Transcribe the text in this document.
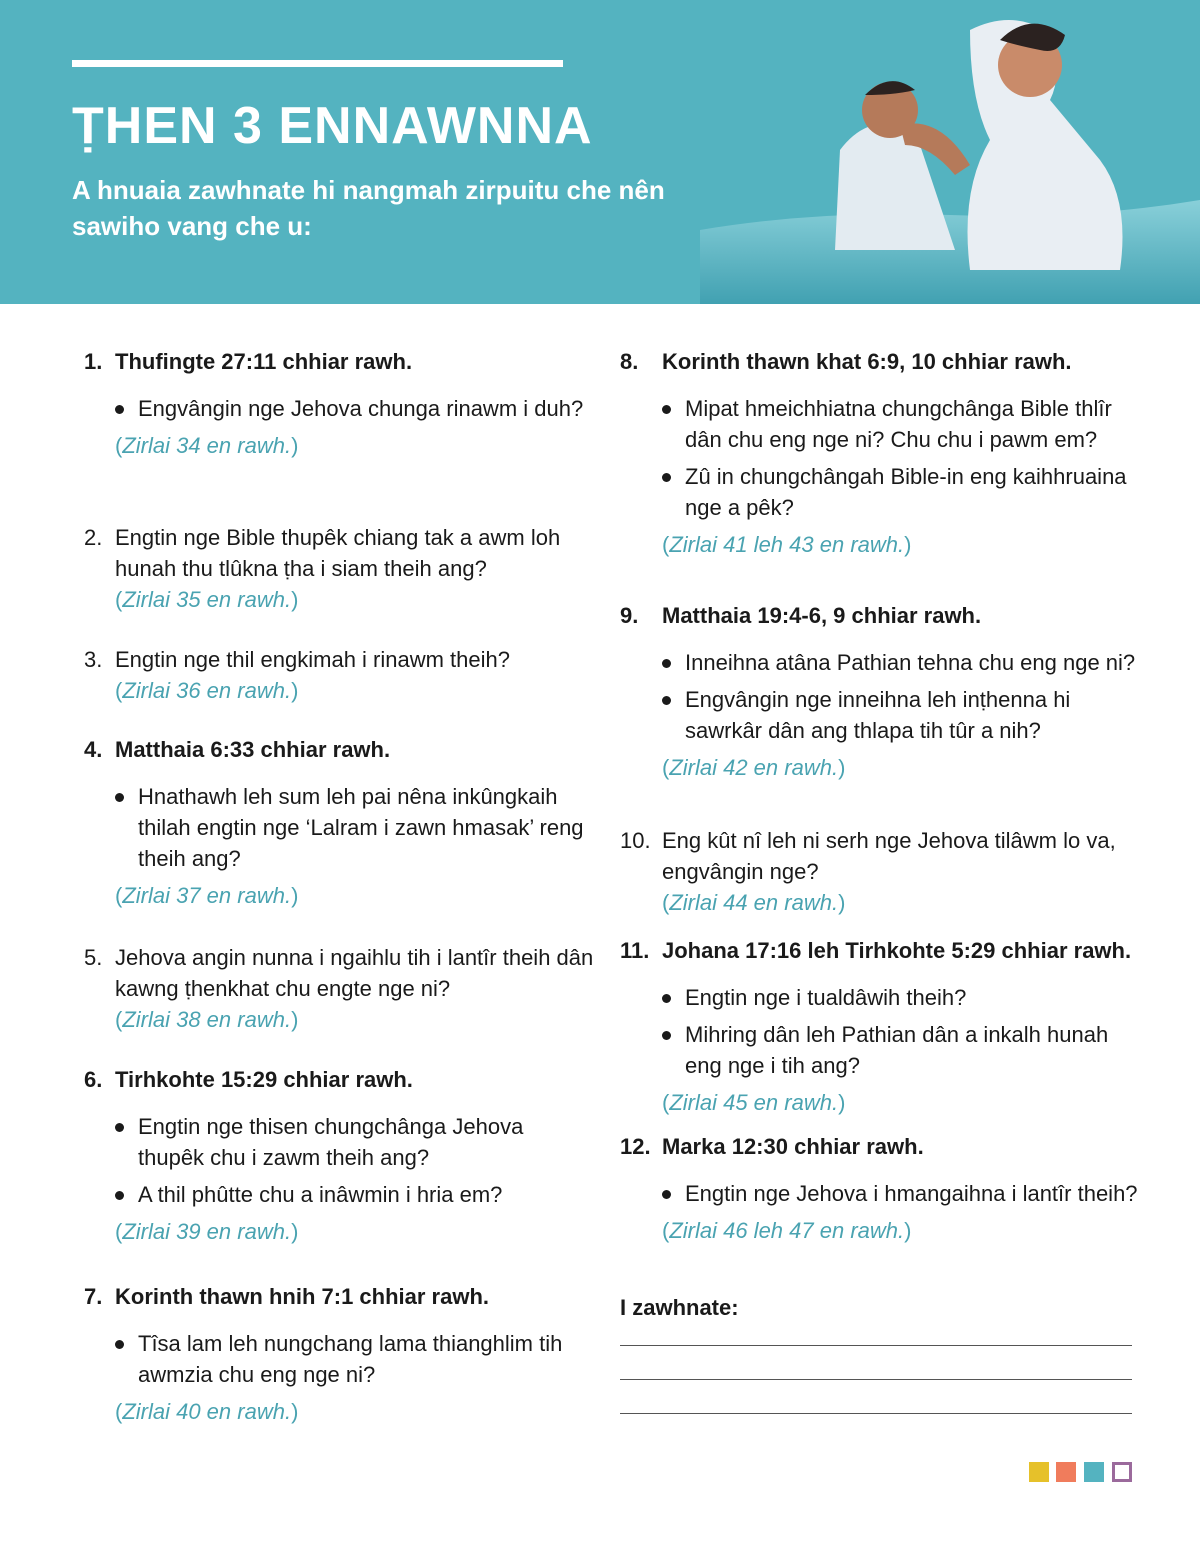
ṬHEN 3 ENNAWNNA
A hnuaia zawhnate hi nangmah zirpuitu che nên sawiho vang che u:
1. Thufingte 27:11 chhiar rawh.
Engvângin nge Jehova chunga rinawm i duh?
(Zirlai 34 en rawh.)
2. Engtin nge Bible thupêk chiang tak a awm loh hunah thu tlûkna ṭha i siam theih ang?
(Zirlai 35 en rawh.)
3. Engtin nge thil engkimah i rinawm theih?
(Zirlai 36 en rawh.)
4. Matthaia 6:33 chhiar rawh.
Hnathawh leh sum leh pai nêna inkûngkaih thilah engtin nge ‘Lalram i zawn hmasak’ reng theih ang?
(Zirlai 37 en rawh.)
5. Jehova angin nunna i ngaihlu tih i lantîr theih dân kawng ṭhenkhat chu engte nge ni?
(Zirlai 38 en rawh.)
6. Tirhkohte 15:29 chhiar rawh.
Engtin nge thisen chungchânga Jehova thupêk chu i zawm theih ang?
A thil phûtte chu a inâwmin i hria em?
(Zirlai 39 en rawh.)
7. Korinth thawn hnih 7:1 chhiar rawh.
Tîsa lam leh nungchang lama thianghlim tih awmzia chu eng nge ni?
(Zirlai 40 en rawh.)
8. Korinth thawn khat 6:9, 10 chhiar rawh.
Mipat hmeichhiatna chungchânga Bible thlîr dân chu eng nge ni? Chu chu i pawm em?
Zû in chungchângah Bible-in eng kaihhruaina nge a pêk?
(Zirlai 41 leh 43 en rawh.)
9. Matthaia 19:4-6, 9 chhiar rawh.
Inneihna atâna Pathian tehna chu eng nge ni?
Engvângin nge inneihna leh inṭhenna hi sawrkâr dân ang thlapa tih tûr a nih?
(Zirlai 42 en rawh.)
10. Eng kût nî leh ni serh nge Jehova tilâwm lo va, engvângin nge?
(Zirlai 44 en rawh.)
11. Johana 17:16 leh Tirhkohte 5:29 chhiar rawh.
Engtin nge i tualdâwih theih?
Mihring dân leh Pathian dân a inkalh hunah eng nge i tih ang?
(Zirlai 45 en rawh.)
12. Marka 12:30 chhiar rawh.
Engtin nge Jehova i hmangaihna i lantîr theih?
(Zirlai 46 leh 47 en rawh.)
I zawhnate:
